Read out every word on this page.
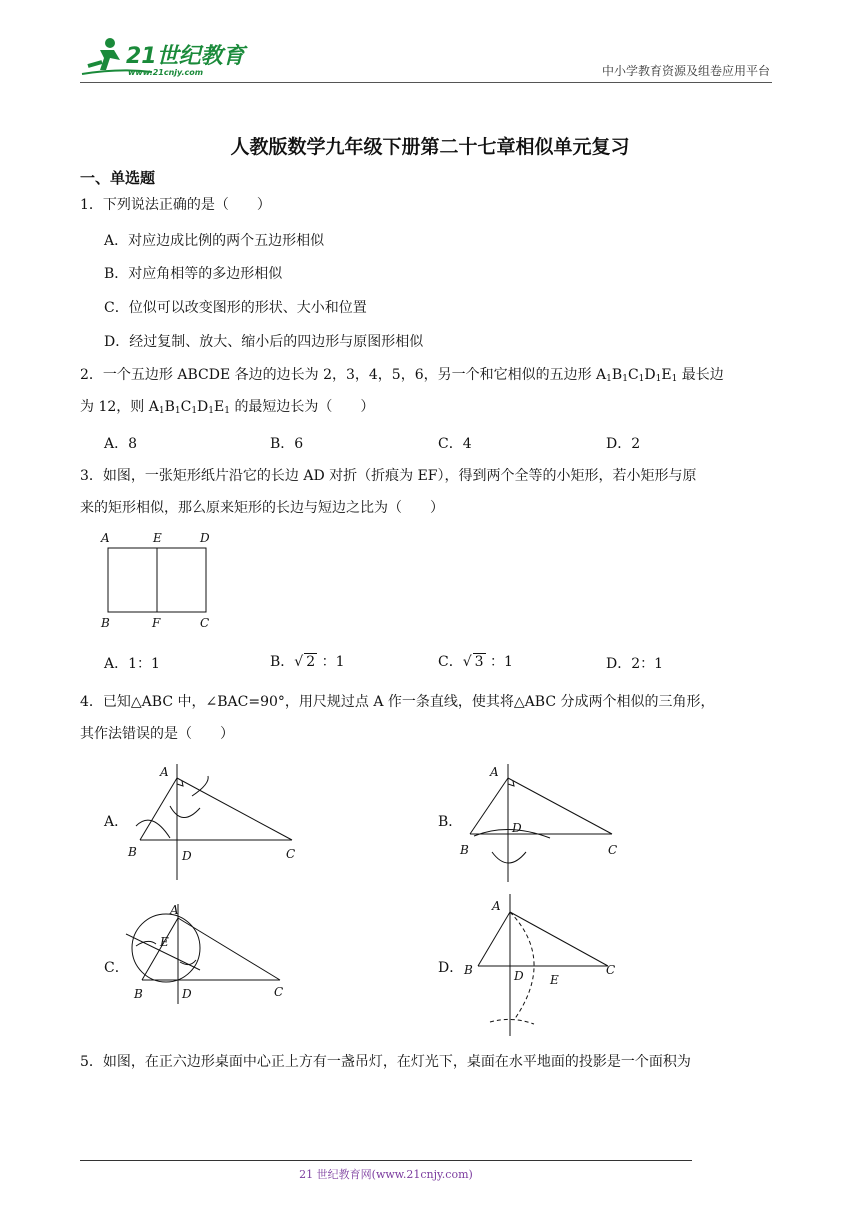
21世纪教育
www.21cnjy.com	中小学教育资源及组卷应用平台
人教版数学九年级下册第二十七章相似单元复习
一、单选题
1．下列说法正确的是（　　）
A．对应边成比例的两个五边形相似
B．对应角相等的多边形相似
C．位似可以改变图形的形状、大小和位置
D．经过复制、放大、缩小后的四边形与原图形相似
2．一个五边形 ABCDE 各边的边长为 2，3，4，5，6，另一个和它相似的五边形 $A_1B_1C_1D_1E_1$ 最长边
为 12，则 $A_1B_1C_1D_1E_1$ 的最短边长为（　　）
A．8	B．6	C．4	D．2
3．如图，一张矩形纸片沿它的长边 AD 对折（折痕为 EF），得到两个全等的小矩形，若小矩形与原
来的矩形相似，那么原来矩形的长边与短边之比为（　　）
A	E	D
B	F	C
A．1：1	B．√ 2 ：1	C．√ 3 ：1	D．2：1
4．已知△ABC 中，∠BAC=90°，用尺规过点 A 作一条直线，使其将△ABC 分成两个相似的三角形，
其作法错误的是（　　）
A．
A
B	D	C
B．
A
B
D
C
C．
A
E
B	D	C
D．
A
B	D E
C
5．如图，在正六边形桌面中心正上方有一盏吊灯，在灯光下，桌面在水平地面的投影是一个面积为
21 世纪教育网(www.21cnjy.com)
